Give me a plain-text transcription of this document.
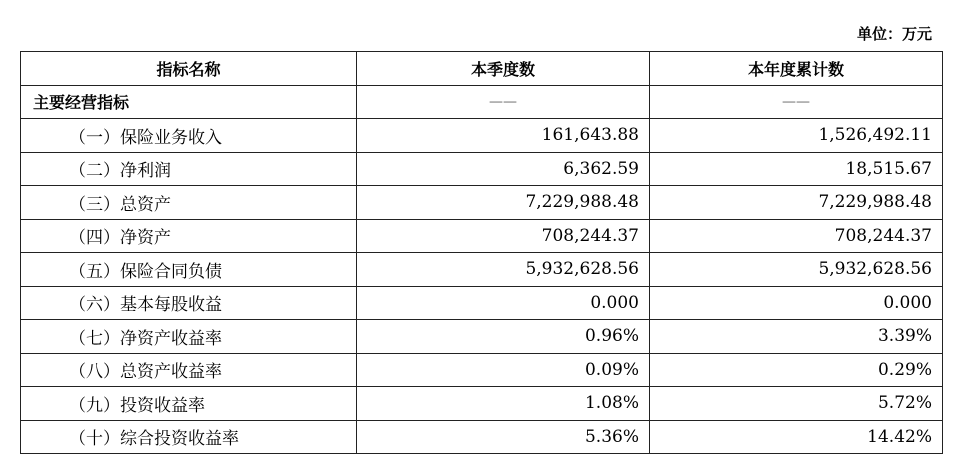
单位：万元
指标名称	本季度数	本年度累计数
主要经营指标	——	——
（一）保险业务收入	161,643.88	1,526,492.11
（二）净利润	6,362.59	18,515.67
（三）总资产	7,229,988.48	7,229,988.48
（四）净资产	708,244.37	708,244.37
（五）保险合同负债	5,932,628.56	5,932,628.56
（六）基本每股收益	0.000	0.000
（七）净资产收益率	0.96%	3.39%
（八）总资产收益率	0.09%	0.29%
（九）投资收益率	1.08%	5.72%
（十）综合投资收益率	5.36%	14.42%
